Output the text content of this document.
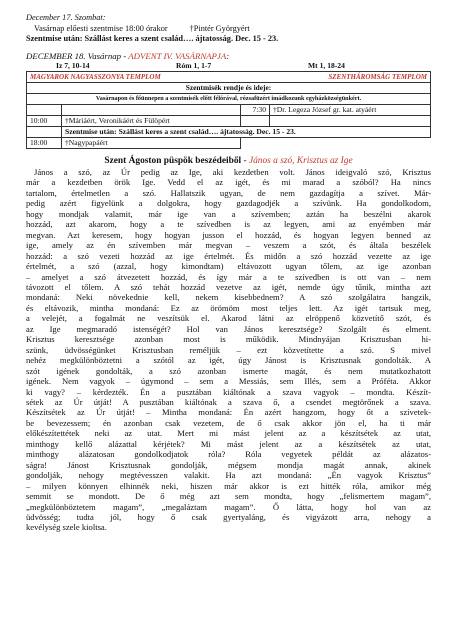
December 17. Szombat:
Vasárnap előesti szentmise 18:00 órakor	†Pintér Györgyért
Szentmise után: Szállást keres a szent család…. ájtatosság. Dec. 15 - 23.
DECEMBER 18. Vasárnap - ADVENT IV. VASÁRNAPJA:
Iz 7, 10-14	Róm 1, 1-7	Mt 1, 18-24
MAGYAROK NAGYASSZONYA TEMPLOM		SZENTHÁROMSÁG TEMPLOM	
Szentmisék rendje és ideje:			
Vasárnapon és főünnepen a szentmisék előtt félórával, rózsafüzért imádkozunk egyházközségünkért.			
		7:30	†Dr. Legeza József gr. kat. atyáért
10:00	†Máriáért, Veronikáért és Fülöpért		
	Szentmise után: Szállást keres a szent család…. ájtatosság. Dec. 15 - 23.		
18:00	†Nagypapáért		
Szent Ágoston püspök beszédeiből - János a szó, Krisztus az Ige

János a szó, az Úr pedig az Ige, aki kezdetben volt. János ideigvaló szó, Krisztus

már a kezdetben örök Ige. Vedd el az igét, és mi marad a szóból? Ha nincs

tartalom, értelmetlen a szó. Hallatszik ugyan, de nem gazdagítja a szívet. Már-

pedig azért figyelünk a dolgokra, hogy gazdagodjék a szívünk. Ha gondolkodom,

hogy mondjak valamit, már ige van a szívemben; aztán ha beszélni akarok

hozzád, azt akarom, hogy a te szívedben is az legyen, ami az enyémben már

megvan. Azt keresem, hogy hogyan jusson el hozzád, és hogyan legyen benned az

ige, amely az én szívemben már megvan – veszem a szót, és általa beszélek

hozzád: a szó vezeti hozzád az ige értelmét. És midőn a szó hozzád vezette az ige

értelmét, a szó (azzal, hogy kimondtam) eltávozott ugyan tőlem, az ige azonban

– amelyet a szó átvezetett hozzád, és így már a te szívedben is ott van – nem

távozott el tőlem. A szó tehát hozzád vezetve az igét, nemde úgy tűnik, mintha azt

mondaná: Neki növekednie kell, nekem kisebbednem? A szó szolgálatra hangzik,

és eltávozik, mintha mondaná: Ez az örömöm most teljes lett. Az igét tartsuk meg,

a velejét, a fogalmát ne veszítsük el. Akarod látni az elröppenő közvetítő szót, és

az Ige megmaradó istenségét? Hol van János keresztsége? Szolgált és elment.

Krisztus keresztsége azonban most is működik. Mindnyájan Krisztusban hi-

szünk, üdvösségünket Krisztusban reméljük – ezt közvetítette a szó. S mivel

nehéz megkülönböztetni a szótól az igét, úgy Jánost is Krisztusnak gondolták. A

szót igének gondolták, a szó azonban ismerte magát, és nem mutatkozhatott

igének. Nem vagyok – úgymond – sem a Messiás, sem Illés, sem a Próféta. Akkor

ki vagy? – kérdezték. Én a pusztában kiáltónak a szava vagyok – mondta. Készít-

sétek az Úr útját! A pusztában kiáltónak a szava ő, a csendet megtörőnek a szava.

Készítsétek az Úr útját! – Mintha mondaná: Én azért hangzom, hogy őt a szívetek-

be bevezessem; én azonban csak vezetem, de ő csak akkor jön el, ha ti már

előkészítettétek neki az utat. Mert mi mást jelent az a készítsétek az utat,

minthogy kellő alázattal kérjétek? Mi mást jelent az a készítsétek az utat,

minthogy alázatosan gondolkodjatok róla? Róla vegyetek példát az alázatos-

ságra! Jánost Krisztusnak gondolják, mégsem mondja magát annak, akinek

gondolják, nehogy megtévesszen valakit. Ha azt mondaná: „Én vagyok Krisztus”

– milyen könnyen elhinnék neki, hiszen már akkor is ezt hitték róla, amikor még

semmit se mondott. De ő még azt sem mondta, hogy „felismertem magam”,

„megkülönböztetem magam”, „megaláztam magam”. Ő látta, hogy hol van az

üdvösség; tudta jól, hogy ő csak gyertyaláng, és vigyázott arra, nehogy a

kevélység szele kioltsa.
